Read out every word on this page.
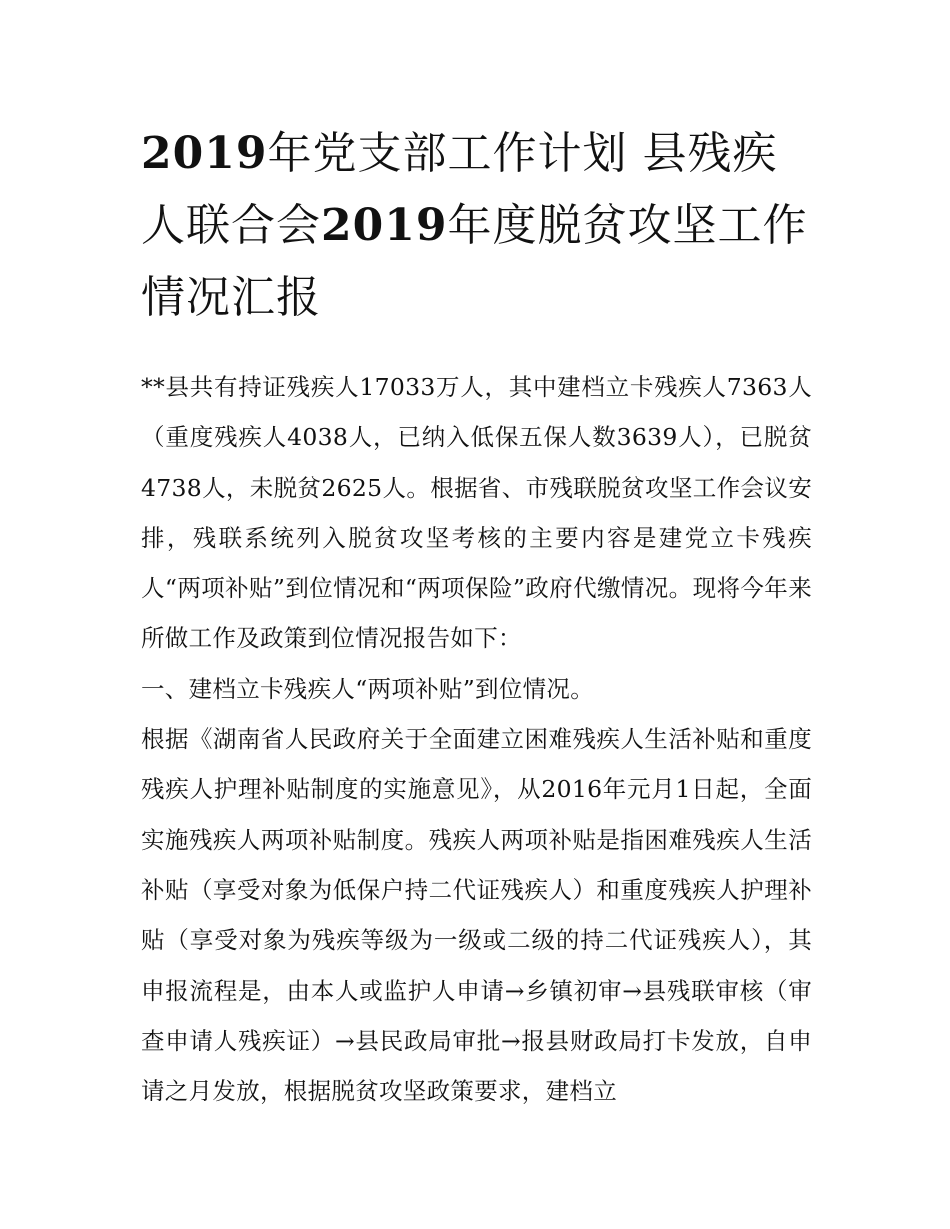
2019年党支部工作计划 县残疾人联合会2019年度脱贫攻坚工作情况汇报

**县共有持证残疾人17033万人，其中建档立卡残疾人7363人（重度残疾人4038人，已纳入低保五保人数3639人），已脱贫4738人，未脱贫2625人。根据省、市残联脱贫攻坚工作会议安排，残联系统列入脱贫攻坚考核的主要内容是建党立卡残疾人“两项补贴”到位情况和“两项保险”政府代缴情况。现将今年来所做工作及政策到位情况报告如下：

一、建档立卡残疾人“两项补贴”到位情况。

根据《湖南省人民政府关于全面建立困难残疾人生活补贴和重度残疾人护理补贴制度的实施意见》，从2016年元月1日起，全面实施残疾人两项补贴制度。残疾人两项补贴是指困难残疾人生活补贴（享受对象为低保户持二代证残疾人）和重度残疾人护理补贴（享受对象为残疾等级为一级或二级的持二代证残疾人），其申报流程是，由本人或监护人申请→乡镇初审→县残联审核（审查申请人残疾证）→县民政局审批→报县财政局打卡发放，自申请之月发放，根据脱贫攻坚政策要求，建档立
